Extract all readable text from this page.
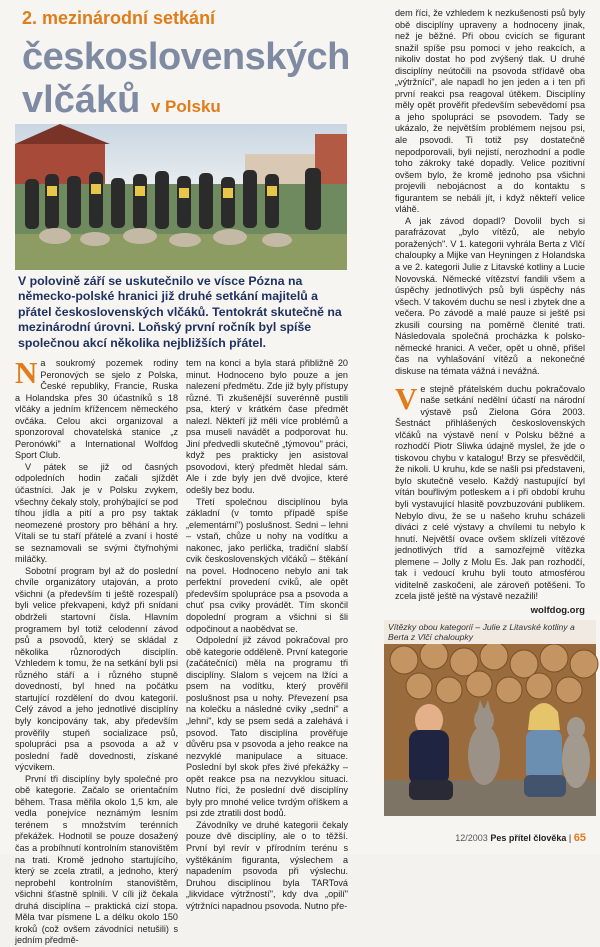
2. mezinárodní setkání
československých
vlčáků v Polsku
V polovině září se uskutečnilo ve vísce Pózna na německo-polské hranici již druhé setkání majitelů a přátel československých vlčáků. Tentokrát skutečně na mezinárodní úrovni. Loňský první ročník byl spíše společnou akcí několika nejbližších přátel.

Na soukromý pozemek rodiny Peronových se sjelo z Polska, České republiky, Francie, Ruska a Holandska přes 30 účastníků s 18 vlčáky a jedním křížencem německého ovčáka. Celou akci organizoval a sponzoroval chovatelská stanice „z Peronówki" a International Wolfdog Sport Club.

V pátek se již od časných odpoledních hodin začali sjíždět účastníci. Jak je v Polsku zvykem, všechny čekaly stoly, prohýbající se pod tíhou jídla a pití a pro psy taktak neomezené prostory pro běhání a hry. Vítali se tu staří přátelé a zvaní i hosté se seznamovali se svými čtyřnohými miláčky.

Sobotní program byl až do poslední chvíle organizátory utajován, a proto všichni (a především ti ještě rozespalí) byli velice překvapeni, když při snídani obdrželi startovní čísla. Hlavním programem byl totiž celodenní závod psů a psovodů, který se skládal z několika různorodých disciplín. Vzhledem k tomu, že na setkání byli psi různého stáří a i různého stupně dovedností, byl hned na počátku startující rozdělení do dvou kategorií. Celý závod a jeho jednotlivé disciplíny byly koncipovány tak, aby především prověřily stupeň socializace psů, spolupráci psa a psovoda a až v poslední řadě dovednosti, získané výcvikem.

První tři disciplíny byly společné pro obě kategorie. Začalo se orientačním během. Trasa měřila okolo 1,5 km, ale vedla ponejvíce neznámým lesním terénem s množstvím terénních překážek. Hodnotil se pouze dosažený čas a probíhnutí kontrolním stanovištěm na trati. Kromě jednoho startujícího, který se zcela ztratil, a jednoho, který neprobehl kontrolním stanovištěm, všichni šťastně splnili. V cíli již čekala druhá disciplína – praktická cizí stopa. Měla tvar písmene L a délku okolo 150 kroků (což ovšem závodníci netušili) s jedním předmě-

tem na konci a byla stará přibližně 20 minut. Hodnoceno bylo pouze a jen nalezení předmětu. Zde již byly přístupy různé. Ti zkušenější suverénně pustili psa, který v krátkém čase předmět nalezl. Někteří již měli více problémů a psa museli navádět a podporovat hu. Jiní předvedli skutečně „týmovou" práci, když pes prakticky jen asistoval psovodovi, který předmět hledal sám. Ale i zde byly jen dvě dvojice, které odešly bez bodu.

Třetí společnou disciplínou byla základní (v tomto případě spíše „elementární") poslušnost. Sedni – lehni – vstaň, chůze u nohy na vodítku a nakonec, jako perlička, tradiční slabší cvik československých vlčáků – štěkání na povel. Hodnoceno nebylo ani tak perfektní provedení cviků, ale opět především spolupráce psa a psovoda a chuť psa cviky provádět. Tím skončil dopolední program a všichni si šli odpočinout a naobědvat se.

Odpolední již závod pokračoval pro obě kategorie odděleně. První kategorie (začátečníci) měla na programu tři disciplíny. Slalom s vejcem na lžíci a psem na vodítku, který prověřil poslušnost psa u nohy. Převezení psa na kolečku a následné cviky „sedni" a „lehni", kdy se psem sedá a zalehává i psovod. Tato disciplína prověřuje důvěru psa v psovoda a jeho reakce na nezvyklé manipulace a situace. Poslední byl skok přes živé překážky – opět reakce psa na nezvyklou situaci. Nutno říci, že poslední dvě disciplíny byly pro mnohé velice tvrdým oříškem a psi zde ztratili dost bodů.

Závodníky ve druhé kategorii čekaly pouze dvě disciplíny, ale o to těžší. První byl revír v přírodním terénu s vyštěkáním figuranta, výslechem a napadením psovoda při výslechu. Druhou disciplínou byla TARTová „likvidace výtržností", kdy dva „opilí" výtržníci napadnou psovoda. Nutno pře-

dem říci, že vzhledem k nezkušenosti psů byly obě disciplíny upraveny a hodnoceny jinak, než je běžné. Při obou cvicích se figurant snažil spíše psu pomoci v jeho reakcích, a nikoliv dostat ho pod zvýšený tlak. U druhé disciplíny neútočili na psovoda střídavě oba „výtržníci", ale napadl ho jen jeden a i ten při první reakci psa reagoval útěkem. Disciplíny měly opět prověřit především sebevědomí psa a jeho spolupráci se psovodem. Tady se ukázalo, že největším problémem nejsou psi, ale psovodi. Ti totiž psy dostatečně nepodporovali, byli nejistí, nerozhodní a podle toho zákroky také dopadly. Velice pozitivní ovšem bylo, že kromě jednoho psa všichni projevili nebojácnost a do kontaktu s figurantem se nebáli jít, i když někteří velice vláhě.

A jak závod dopadl? Dovolil bych si parafrázovat „bylo vítězů, ale nebylo poražených". V 1. kategorii vyhrála Berta z Vlčí chaloupky a Mijke van Heyningen z Holandska a ve 2. kategorii Julie z Litavské kotliny a Lucie Novovská. Německé vítězství fandili všem a úspěchy jednotlivých psů byli úspěchy nás všech. V takovém duchu se nesl i zbytek dne a večera. Po závodě a malé pauze si ještě psi zkusili coursing na poměrně členité trati. Následovala společná procházka k polsko-německé hranici. A večer, opět u ohně, přišel čas na vyhlašování vítězů a nekonečné diskuse na témata vážná i nevážná.

Ve stejně přátelském duchu pokračovalo naše setkání nedělní účastí na národní výstavě psů Zielona Góra 2003. Šestnáct přihlášených československých vlčáků na výstavě není v Polsku běžné a rozhodčí Piotr Sliwka údajně myslel, že jde o tiskovou chybu v katalogu! Brzy se přesvědčil, že nikoli. U kruhu, kde se našli psi představeni, bylo skutečně veselo. Každý nastupující byl vítán bouřlivým potleskem a i při období kruhu byli vystavující hlasitě povzbuzováni publikem. Nebylo divu, že se u našeho kruhu scházeli diváci z celé výstavy a chvílemi tu nebylo k hnutí. Největší ovace ovšem sklízeli vítězové jednotlivých tříd a samozřejmě vítězka plemene – Jolly z Molu Es. Jak pan rozhodčí, tak i vedoucí kruhu byli touto atmosférou viditelně zaskočeni, ale zároveň potěšeni. To zcela jistě ještě na výstavě nezažili!

wolfdog.org
Vítězky obou kategorií – Julie z Litavské kotliny a Berta z Vlčí chaloupky
12/2003 Pes přítel člověka | 65
